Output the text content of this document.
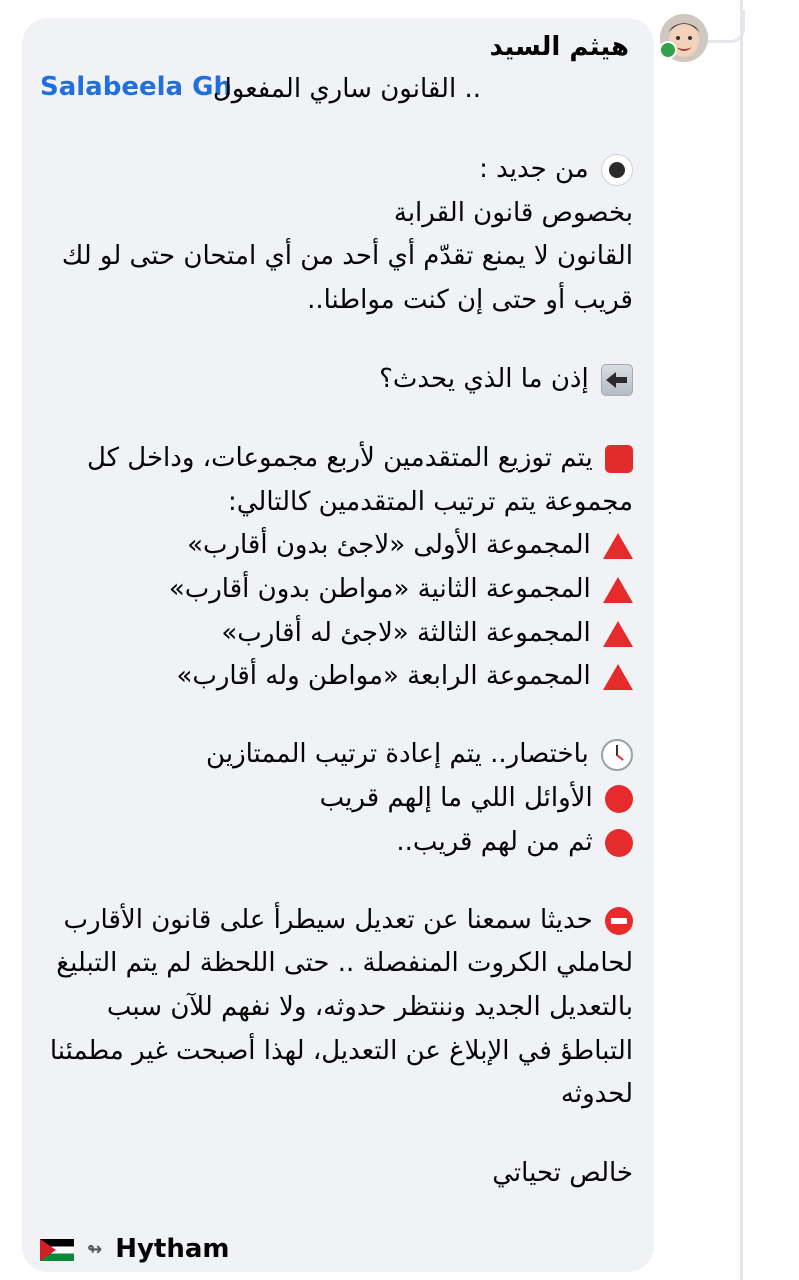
هيثم السيد
Salabeela Gh
.. القانون ساري المفعول
من جديد :
بخصوص قانون القرابة
القانون لا يمنع تقدّم أي أحد من أي امتحان حتى لو لك
قريب أو حتى إن كنت مواطنا..
إذن ما الذي يحدث؟
يتم توزيع المتقدمين لأربع مجموعات، وداخل كل
مجموعة يتم ترتيب المتقدمين كالتالي:
المجموعة الأولى «لاجئ بدون أقارب»
المجموعة الثانية «مواطن بدون أقارب»
المجموعة الثالثة «لاجئ له أقارب»
المجموعة الرابعة «مواطن وله أقارب»
باختصار.. يتم إعادة ترتيب الممتازين
الأوائل اللي ما إلهم قريب
ثم من لهم قريب..
حديثا سمعنا عن تعديل سيطرأ على قانون الأقارب
لحاملي الكروت المنفصلة .. حتى اللحظة لم يتم التبليغ
بالتعديل الجديد وننتظر حدوثه، ولا نفهم للآن سبب
التباطؤ في الإبلاغ عن التعديل، لهذا أصبحت غير مطمئنا
لحدوثه
خالص تحياتي
↬ Hytham
